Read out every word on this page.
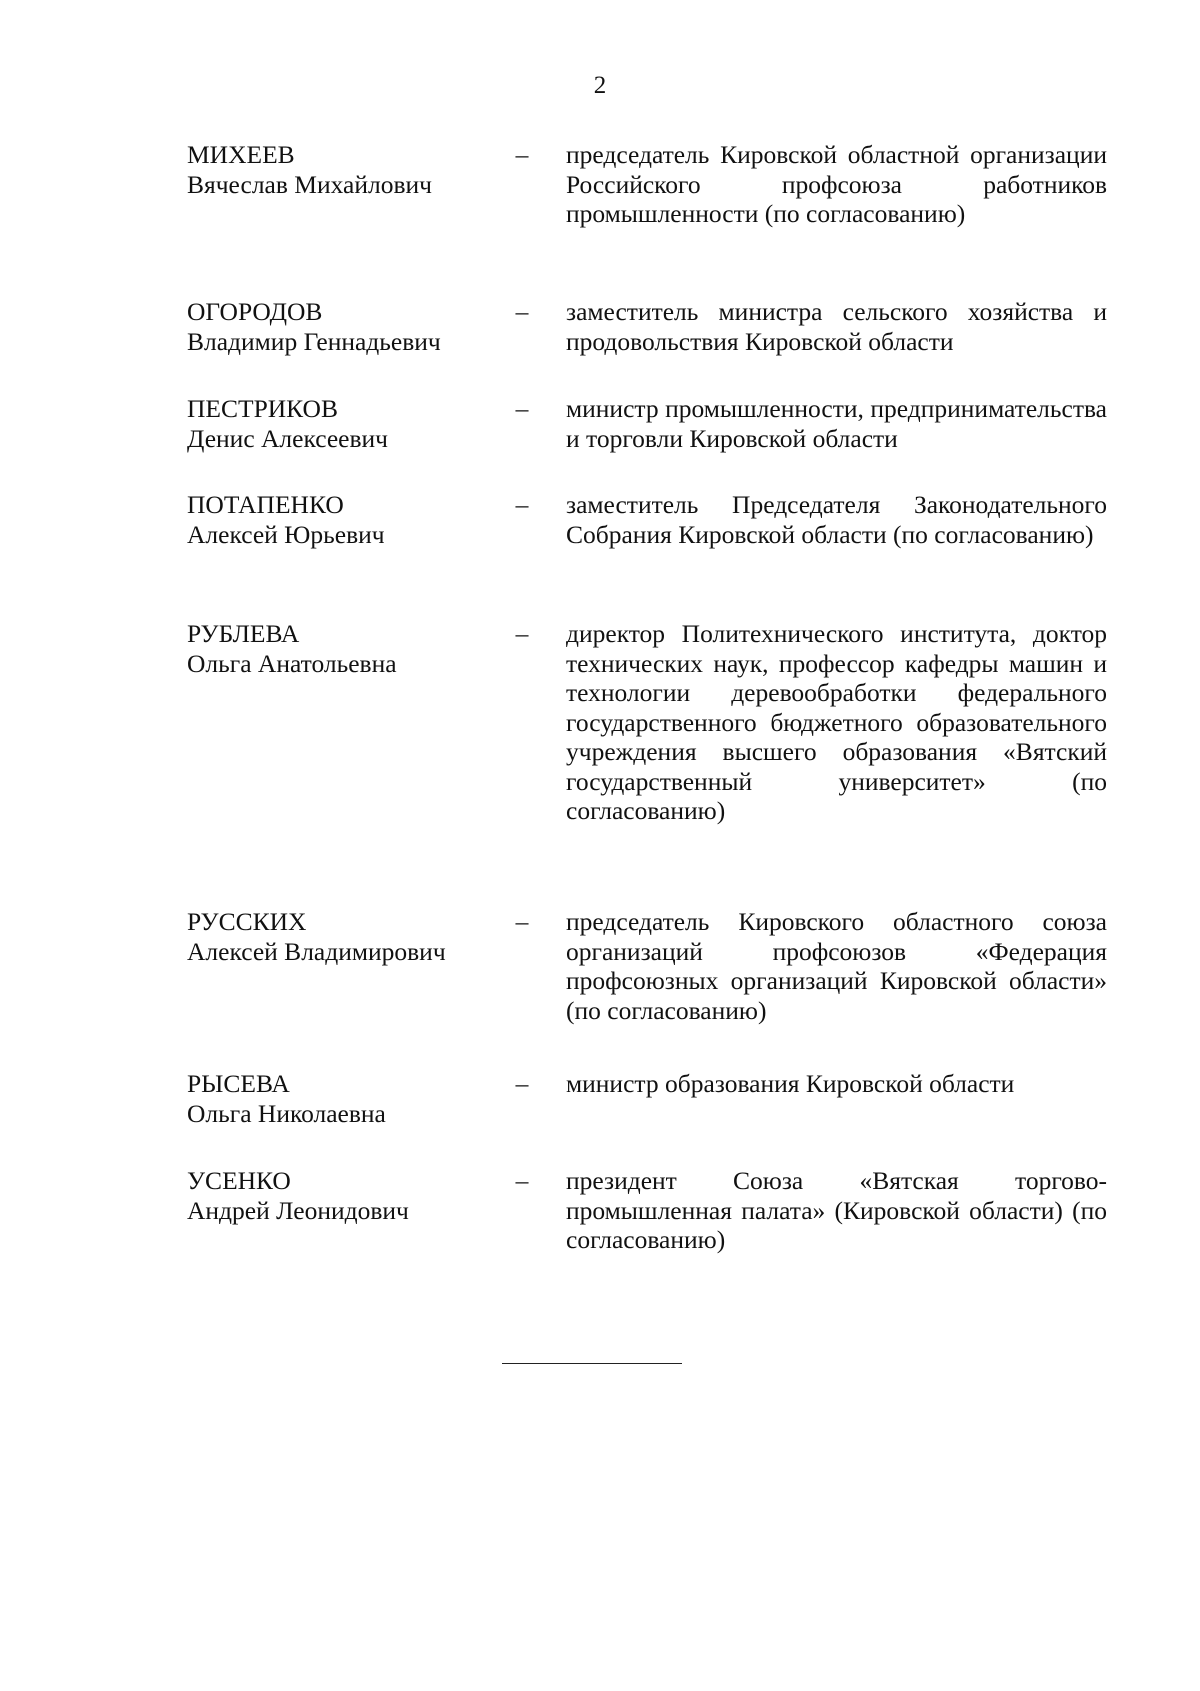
2
МИХЕЕВ
Вячеслав Михайлович
– председатель Кировской областной организации Российского профсоюза работников промышленности (по согласованию)
ОГОРОДОВ
Владимир Геннадьевич
– заместитель министра сельского хозяйства и продовольствия Кировской области
ПЕСТРИКОВ
Денис Алексеевич
– министр промышленности, предпринимательства и торговли Кировской области
ПОТАПЕНКО
Алексей Юрьевич
– заместитель Председателя Законодательного Собрания Кировской области (по согласованию)
РУБЛЕВА
Ольга Анатольевна
– директор Политехнического института, доктор технических наук, профессор кафедры машин и технологии деревообработки федерального государственного бюджетного образовательного учреждения высшего образования «Вятский государственный университет» (по согласованию)
РУССКИХ
Алексей Владимирович
– председатель Кировского областного союза организаций профсоюзов «Федерация профсоюзных организаций Кировской области» (по согласованию)
РЫСЕВА
Ольга Николаевна
– министр образования Кировской области
УСЕНКО
Андрей Леонидович
– президент Союза «Вятская торгово-промышленная палата» (Кировской области) (по согласованию)
